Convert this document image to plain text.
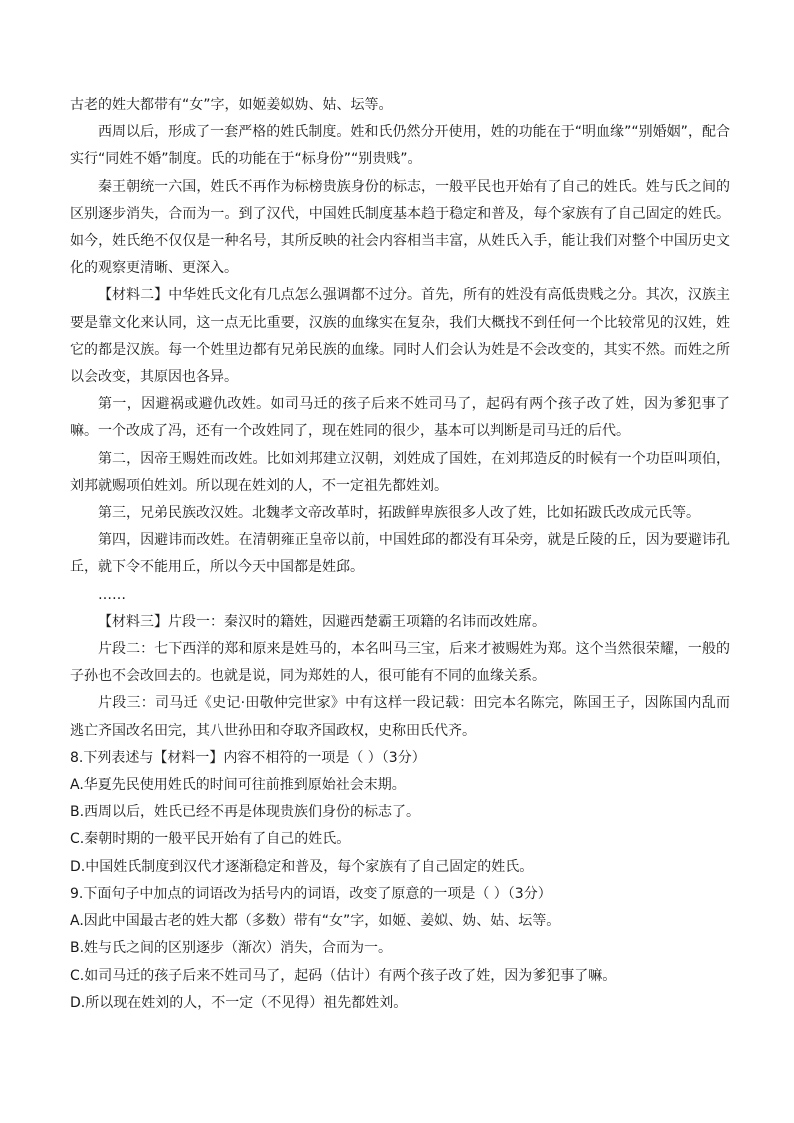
古老的姓大都带有“女”字，如姬姜姒妫、姑、坛等。

西周以后，形成了一套严格的姓氏制度。姓和氏仍然分开使用，姓的功能在于“明血缘”“别婚姻”，配合实行“同姓不婚”制度。氏的功能在于“标身份”“别贵贱”。

秦王朝统一六国，姓氏不再作为标榜贵族身份的标志，一般平民也开始有了自己的姓氏。姓与氏之间的区别逐步消失，合而为一。到了汉代，中国姓氏制度基本趋于稳定和普及，每个家族有了自己固定的姓氏。如今，姓氏绝不仅仅是一种名号，其所反映的社会内容相当丰富，从姓氏入手，能让我们对整个中国历史文化的观察更清晰、更深入。

【材料二】中华姓氏文化有几点怎么强调都不过分。首先，所有的姓没有高低贵贱之分。其次，汉族主要是靠文化来认同，这一点无比重要，汉族的血缘实在复杂，我们大概找不到任何一个比较常见的汉姓，姓它的都是汉族。每一个姓里边都有兄弟民族的血缘。同时人们会认为姓是不会改变的，其实不然。而姓之所以会改变，其原因也各异。

第一，因避祸或避仇改姓。如司马迁的孩子后来不姓司马了，起码有两个孩子改了姓，因为爹犯事了嘛。一个改成了冯，还有一个改姓同了，现在姓同的很少，基本可以判断是司马迁的后代。

第二，因帝王赐姓而改姓。比如刘邦建立汉朝，刘姓成了国姓，在刘邦造反的时候有一个功臣叫项伯，刘邦就赐项伯姓刘。所以现在姓刘的人，不一定祖先都姓刘。

第三，兄弟民族改汉姓。北魏孝文帝改革时，拓跋鲜卑族很多人改了姓，比如拓跋氏改成元氏等。

第四，因避讳而改姓。在清朝雍正皇帝以前，中国姓邱的都没有耳朵旁，就是丘陵的丘，因为要避讳孔丘，就下令不能用丘，所以今天中国都是姓邱。

……

【材料三】片段一：秦汉时的籍姓，因避西楚霸王项籍的名讳而改姓席。

片段二：七下西洋的郑和原来是姓马的，本名叫马三宝，后来才被赐姓为郑。这个当然很荣耀，一般的子孙也不会改回去的。也就是说，同为郑姓的人，很可能有不同的血缘关系。

片段三：司马迁《史记·田敬仲完世家》中有这样一段记载：田完本名陈完，陈国王子，因陈国内乱而逃亡齐国改名田完，其八世孙田和夺取齐国政权，史称田氏代齐。

8.下列表述与【材料一】内容不相符的一项是（ ）（3分）

A.华夏先民使用姓氏的时间可往前推到原始社会末期。

B.西周以后，姓氏已经不再是体现贵族们身份的标志了。

C.秦朝时期的一般平民开始有了自己的姓氏。

D.中国姓氏制度到汉代才逐渐稳定和普及，每个家族有了自己固定的姓氏。

9.下面句子中加点的词语改为括号内的词语，改变了原意的一项是（ ）（3分）

A.因此中国最古老的姓大都（多数）带有“女”字，如姬、姜姒、妫、姑、坛等。

B.姓与氏之间的区别逐步（渐次）消失，合而为一。

C.如司马迁的孩子后来不姓司马了，起码（估计）有两个孩子改了姓，因为爹犯事了嘛。

D.所以现在姓刘的人，不一定（不见得）祖先都姓刘。
